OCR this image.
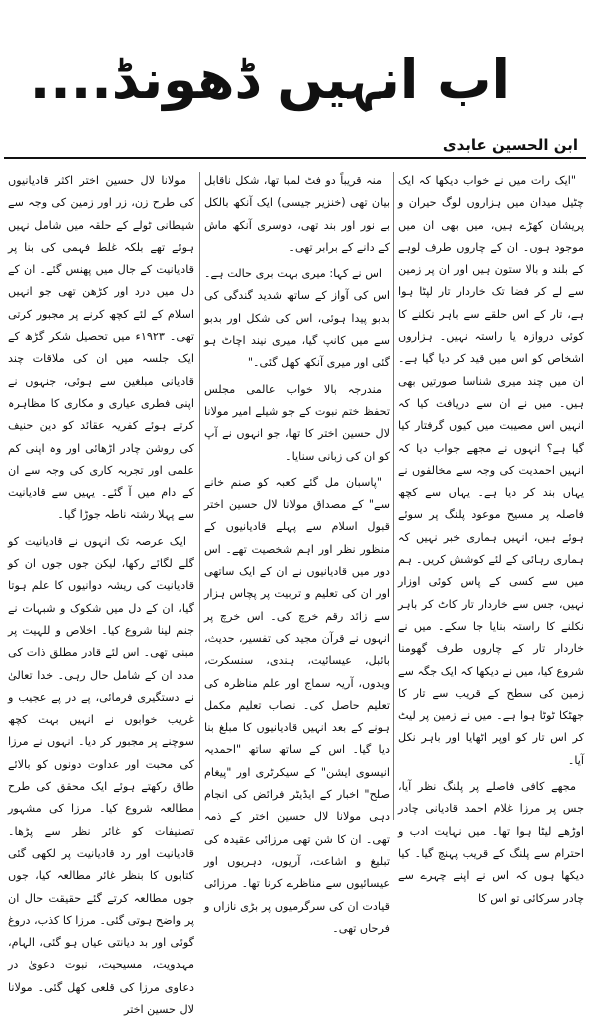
اب انہیں ڈھونڈ....
ابن الحسین عابدی

"ایک رات میں نے خواب دیکھا کہ ایک چٹیل میدان میں ہزاروں لوگ حیران و پریشان کھڑے ہیں، میں بھی ان میں موجود ہوں۔ ان کے چاروں طرف لوہے کے بلند و بالا ستون ہیں اور ان پر زمین سے لے کر فضا تک خاردار تار لپٹا ہوا ہے، تار کے اس حلقے سے باہر نکلنے کا کوئی دروازہ یا راستہ نہیں۔ ہزاروں اشخاص کو اس میں قید کر دیا گیا ہے۔ ان میں چند میری شناسا صورتیں بھی ہیں۔ میں نے ان سے دریافت کیا کہ انہیں اس مصیبت میں کیوں گرفتار کیا گیا ہے؟ انہوں نے مجھے جواب دیا کہ انہیں احمدیت کی وجہ سے مخالفوں نے یہاں بند کر دیا ہے۔ یہاں سے کچھ فاصلہ پر مسیح موعود پلنگ پر سوئے ہوئے ہیں، انہیں ہماری خبر نہیں کہ ہماری رہائی کے لئے کوشش کریں۔ ہم میں سے کسی کے پاس کوئی اوزار نہیں، جس سے خاردار تار کاٹ کر باہر نکلنے کا راستہ بنایا جا سکے۔ میں نے خاردار تار کے چاروں طرف گھومنا شروع کیا، میں نے دیکھا کہ ایک جگہ سے زمین کی سطح کے قریب سے تار کا جھٹکا ٹوٹا ہوا ہے۔ میں نے زمین پر لیٹ کر اس تار کو اوپر اٹھایا اور باہر نکل آیا۔

مجھے کافی فاصلے پر پلنگ نظر آیا، جس پر مرزا غلام احمد قادیانی چادر اوڑھے لیٹا ہوا تھا۔ میں نہایت ادب و احترام سے پلنگ کے قریب پہنچ گیا۔ کیا دیکھا ہوں کہ اس نے اپنے چہرے سے چادر سرکائی تو اس کا

منہ قریباً دو فٹ لمبا تھا، شکل ناقابل بیان تھی (خنزیر جیسی) ایک آنکھ بالکل بے نور اور بند تھی، دوسری آنکھ ماش کے دانے کے برابر تھی۔

اس نے کہا: میری بہت بری حالت ہے۔ اس کی آواز کے ساتھ شدید گندگی کی بدبو پیدا ہوئی، اس کی شکل اور بدبو سے میں کانپ گیا، میری نیند اچاٹ ہو گئی اور میری آنکھ کھل گئی۔"

مندرجہ بالا خواب عالمی مجلس تحفظ ختم نبوت کے جو شیلے امیر مولانا لال حسین اختر کا تھا، جو انہوں نے آپ کو ان کی زبانی سنایا۔

"پاسبان مل گئے کعبہ کو صنم خانے سے" کے مصداق مولانا لال حسین اختر قبول اسلام سے پہلے قادیانیوں کے منظور نظر اور اہم شخصیت تھے۔ اس دور میں قادیانیوں نے ان کے ایک ساتھی اور ان کی تعلیم و تربیت پر پچاس ہزار سے زائد رقم خرچ کی۔ اس خرچ پر انہوں نے قرآن مجید کی تفسیر، حدیث، بائبل، عیسائیت، ہندی، سنسکرت، ویدوں، آریہ سماج اور علم مناظرہ کی تعلیم حاصل کی۔ نصاب تعلیم مکمل ہونے کے بعد انہیں قادیانیوں کا مبلغ بنا دیا گیا۔ اس کے ساتھ ساتھ "احمدیہ انیسوی ایشن" کے سیکرٹری اور "پیغام صلح" اخبار کے ایڈیٹر فرائض کی انجام دہی مولانا لال حسین اختر کے ذمہ تھی۔ ان کا شن تھی مرزائی عقیدہ کی تبلیغ و اشاعت، آریوں، دہریوں اور عیسائیوں سے مناظرے کرنا تھا۔ مرزائی قیادت ان کی سرگرمیوں پر بڑی نازاں و فرحاں تھی۔

مولانا لال حسین اختر اکثر قادیانیوں کی طرح زن، زر اور زمین کی وجہ سے شیطانی ٹولے کے حلقہ میں شامل نہیں ہوئے تھے بلکہ غلط فہمی کی بنا پر قادیانیت کے جال میں پھنس گئے۔ ان کے دل میں درد اور کڑھن تھی جو انہیں اسلام کے لئے کچھ کرنے پر مجبور کرتی تھی۔ ۱۹۲۳ء میں تحصیل شکر گڑھ کے ایک جلسہ میں ان کی ملاقات چند قادیانی مبلغین سے ہوئی، جنہوں نے اپنی فطری عیاری و مکاری کا مظاہرہ کرتے ہوئے کفریہ عقائد کو دین حنیف کی روشن چادر اڑھائی اور وہ اپنی کم علمی اور تجربہ کاری کی وجہ سے ان کے دام میں آ گئے۔ یہیں سے قادیانیت سے پہلا رشتہ ناطہ جوڑا گیا۔

ایک عرصہ تک انہوں نے قادیانیت کو گلے لگائے رکھا، لیکن جوں جوں ان کو قادیانیت کی ریشہ دوانیوں کا علم ہوتا گیا، ان کے دل میں شکوک و شبہات نے جنم لینا شروع کیا۔ اخلاص و للہیت پر مبنی تھی۔ اس لئے قادر مطلق ذات کی مدد ان کے شامل حال رہی۔ خدا تعالیٰ نے دستگیری فرمائی، پے در پے عجیب و غریب خوابوں نے انہیں بہت کچھ سوچنے پر مجبور کر دیا۔ انہوں نے مرزا کی محبت اور عداوت دونوں کو بالائے طاق رکھتے ہوئے ایک محقق کی طرح مطالعہ شروع کیا۔ مرزا کی مشہور تصنیفات کو غائر نظر سے پڑھا۔ قادیانیت اور رد قادیانیت پر لکھی گئی کتابوں کا بنظر غائر مطالعہ کیا، جوں جوں مطالعہ کرتے گئے حقیقت حال ان پر واضح ہوتی گئی۔ مرزا کا کذب، دروغ گوئی اور بد دیانتی عیاں ہو گئی، الہام، مہدویت، مسیحیت، نبوت دعویٰ در دعاوی مرزا کی قلعی کھل گئی۔ مولانا لال حسین اختر
